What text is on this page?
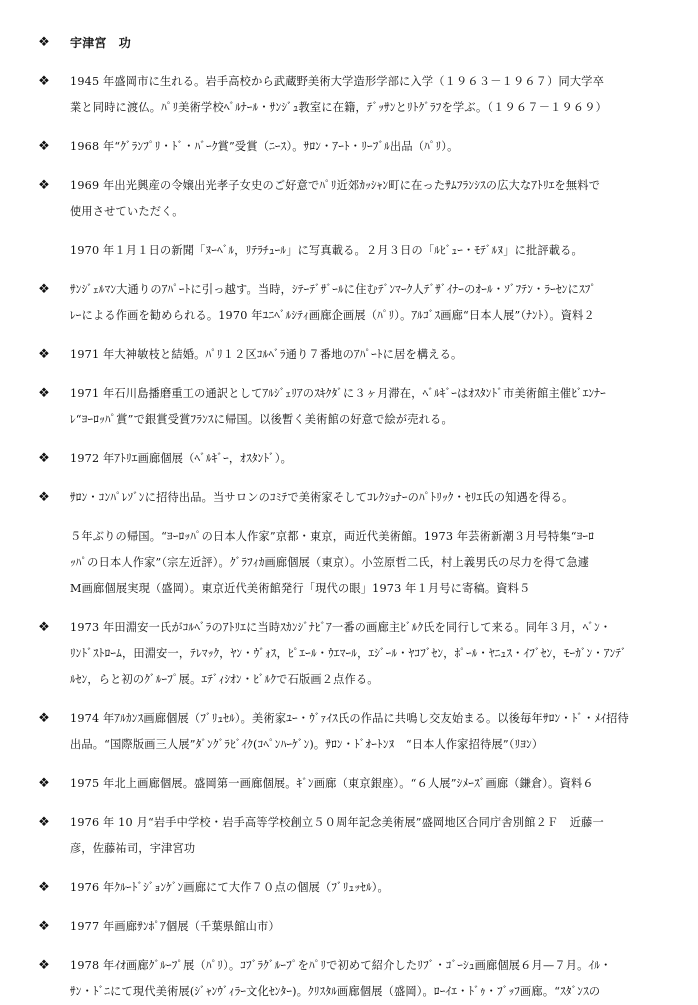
❖	宇津宮　功
❖	1945 年盛岡市に生れる。岩手高校から武蔵野美術大学造形学部に入学（１９６３－１９６７）同大学卒
業と同時に渡仏。ﾊﾟﾘ美術学校ﾍﾞﾙﾅｰﾙ・ｻﾝｼﾞｭ教室に在籍，ﾃﾞｯｻﾝとﾘﾄｸﾞﾗﾌを学ぶ。（１９６７－１９６９）
❖	1968 年“ｸﾞﾗﾝﾌﾟﾘ・ﾄﾞ・ﾊﾞｰｸ賞”受賞（ﾆｰｽ）。ｻﾛﾝ・ｱｰﾄ・ﾘｰﾌﾞﾙ出品（ﾊﾟﾘ）。
❖	1969 年出光興産の令嬢出光孝子女史のご好意でﾊﾟﾘ近郊ｶｯｼｬﾝ町に在ったｻﾑﾌﾗﾝｼｽの広大なｱﾄﾘｴを無料で
使用させていただく。
1970 年１月１日の新聞「ﾇｰﾍﾞﾙ，ﾘﾃﾗﾁｭｰﾙ」に写真載る。２月３日の「ﾙﾋﾞｭｰ・ﾓﾃﾞﾙﾇ」に批評載る。
❖	ｻﾝｼﾞｪﾙﾏﾝ大通りのｱﾊﾟｰﾄに引っ越す。当時，ｼﾃｰﾃﾞｻﾞｰﾙに住むﾃﾞﾝﾏｰｸ人ﾃﾞｻﾞｲﾅｰのｵｰﾙ・ｿﾞﾌﾃﾝ・ﾗｰｾﾝにｽﾌﾟ
ﾚｰによる作画を勧められる。1970 年ﾕﾆﾍﾞﾙｼﾃｨ画廊企画展（ﾊﾟﾘ）。ｱﾙｺﾞｽ画廊“日本人展”（ﾅﾝﾄ）。資料２
❖	1971 年大神敏枝と結婚。ﾊﾟﾘ１２区ｺﾙﾍﾞﾗ通り７番地のｱﾊﾟｰﾄに居を構える。
❖	1971 年石川島播磨重工の通訳としてｱﾙｼﾞｪﾘｱのｽｷｸﾀﾞに３ヶ月滞在，ﾍﾞﾙｷﾞｰはｵｽﾀﾝﾄﾞ市美術館主催ﾋﾞｴﾝﾅｰ
ﾚ“ﾖｰﾛｯﾊﾟ賞”で銀賞受賞ﾌﾗﾝｽに帰国。以後暫く美術館の好意で絵が売れる。
❖	1972 年ｱﾄﾘｴ画廊個展（ﾍﾞﾙｷﾞｰ，ｵｽﾀﾝﾄﾞ）。
❖	ｻﾛﾝ・ｺﾝﾊﾟﾚｿﾞﾝに招待出品。当サロンのｺﾐﾃで美術家そしてｺﾚｸｼｮﾅｰのﾊﾟﾄﾘｯｸ・ｾﾘｴ氏の知遇を得る。
５年ぶりの帰国。“ﾖｰﾛｯﾊﾟの日本人作家”京都・東京，両近代美術館。1973 年芸術新潮３月号特集“ﾖｰﾛ
ｯﾊﾟの日本人作家”（宗左近評）。ｸﾞﾗﾌｨｶ画廊個展（東京）。小笠原哲二氏，村上義男氏の尽力を得て急遽
M画廊個展実現（盛岡）。東京近代美術館発行「現代の眼」1973 年１月号に寄稿。資料５
❖	1973 年田淵安一氏がｺﾙﾍﾞﾗのｱﾄﾘｴに当時ｽｶﾝｼﾞﾅﾋﾞｱ一番の画廊主ﾋﾞﾙｸ氏を同行して来る。同年３月，ﾍﾞﾝ・
ﾘﾝﾄﾞｽﾄﾛｰﾑ，田淵安一，ﾃﾚﾏｯｸ，ﾔﾝ・ｳﾞｫｽ，ﾋﾟｴｰﾙ・ｳｴﾏｰﾙ，ｴｼﾞｰﾙ・ﾔｺﾌﾞｾﾝ，ﾎﾟｰﾙ・ﾔﾆｭｽ・ｲﾌﾞｾﾝ，ﾓｰｶﾞﾝ・ｱﾝﾃﾞ
ﾙｾﾝ，らと初のｸﾞﾙｰﾌﾟ展。ｴﾃﾞｨｼｵﾝ・ﾋﾞﾙｸで石版画２点作る。
❖	1974 年ｱﾙｶﾝｽ画廊個展（ﾌﾞﾘｭｾﾙ）。美術家ﾕｰ・ｳﾞｧｲｽ氏の作品に共鳴し交友始まる。以後毎年ｻﾛﾝ・ﾄﾞ・ﾒｲ招待
出品。“国際版画三人展”ﾀﾞﾝｸﾞﾗﾋﾞｲｸ(ｺﾍﾟﾝﾊｰｹﾞﾝ)。ｻﾛﾝ・ﾄﾞｵｰﾄﾝﾇ　“日本人作家招待展”（ﾘﾖﾝ）
❖	1975 年北上画廊個展。盛岡第一画廊個展。ｷﾞﾝ画廊（東京銀座）。“６人展”ｼﾒｰｽﾞ画廊（鎌倉）。資料６
❖	1976 年 10 月“岩手中学校・岩手高等学校創立５０周年記念美術展”盛岡地区合同庁舎別館２Ｆ　近藤一
彦，佐藤祐司，宇津宮功
❖	1976 年ｸﾙｰﾄﾞｼﾞｮﾝｹﾞﾝ画廊にて大作７０点の個展（ﾌﾞﾘｭｯｾﾙ）。
❖	1977 年画廊ｻﾝﾎﾟｱ個展（千葉県館山市）
❖	1978 年ｲｵ画廊ｸﾞﾙｰﾌﾟ展（ﾊﾟﾘ）。ｺﾌﾞﾗｸﾞﾙｰﾌﾟをﾊﾟﾘで初めて紹介したﾘﾌﾞ・ｺﾞｰｼｭ画廊個展６月—７月。ｲﾙ・
ｻﾝ・ﾄﾞﾆにて現代美術展(ｼﾞｬﾝｳﾞｨﾗｰ文化ｾﾝﾀｰ)。ｸﾘｽﾀﾙ画廊個展（盛岡）。ﾛｰｲｴ・ﾄﾞｩ・ﾌﾞｯﾌ画廊。“ｽﾀﾞﾝｽの
